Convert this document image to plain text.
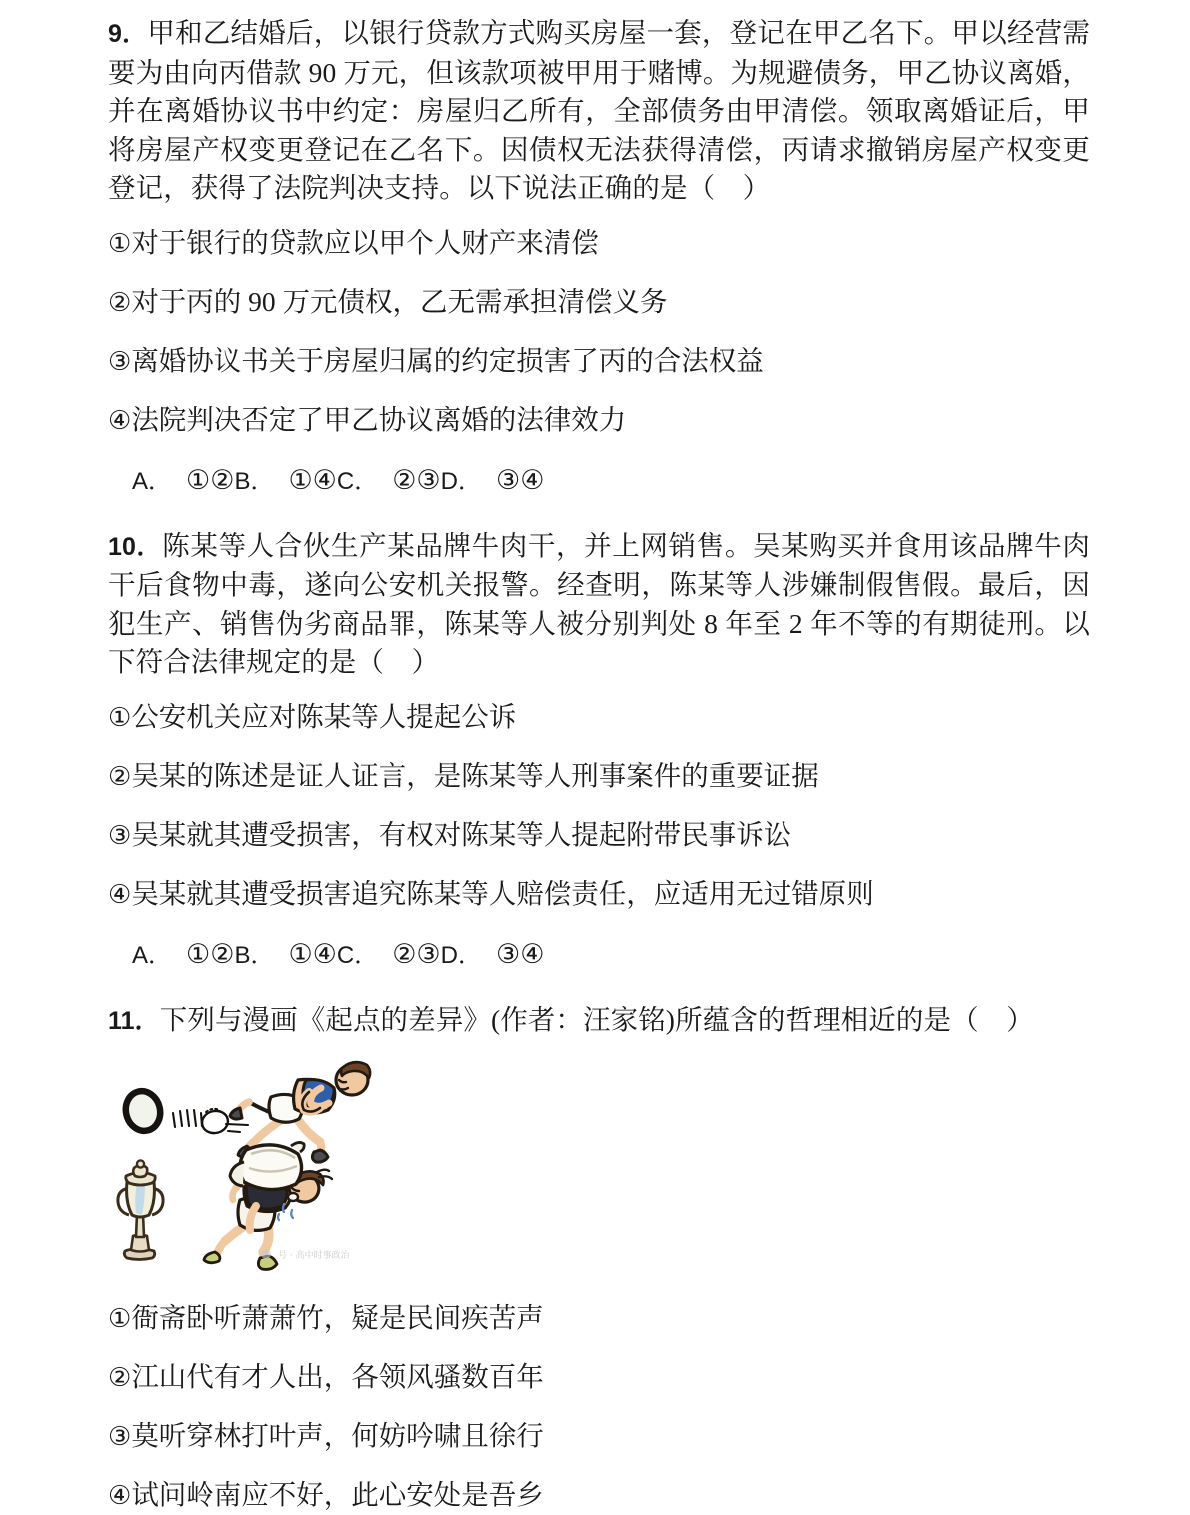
9．甲和乙结婚后，以银行贷款方式购买房屋一套，登记在甲乙名下。甲以经营需要为由向丙借款 90 万元，但该款项被甲用于赌博。为规避债务，甲乙协议离婚，并在离婚协议书中约定：房屋归乙所有，全部债务由甲清偿。领取离婚证后，甲将房屋产权变更登记在乙名下。因债权无法获得清偿，丙请求撤销房屋产权变更登记，获得了法院判决支持。以下说法正确的是（　）

①对于银行的贷款应以甲个人财产来清偿

②对于丙的 90 万元债权，乙无需承担清偿义务

③离婚协议书关于房屋归属的约定损害了丙的合法权益

④法院判决否定了甲乙协议离婚的法律效力

A． ①②B． ①④C． ②③D． ③④

10．陈某等人合伙生产某品牌牛肉干，并上网销售。吴某购买并食用该品牌牛肉干后食物中毒，遂向公安机关报警。经查明，陈某等人涉嫌制假售假。最后，因犯生产、销售伪劣商品罪，陈某等人被分别判处 8 年至 2 年不等的有期徒刑。以下符合法律规定的是（　）

①公安机关应对陈某等人提起公诉

②吴某的陈述是证人证言，是陈某等人刑事案件的重要证据

③吴某就其遭受损害，有权对陈某等人提起附带民事诉讼

④吴某就其遭受损害追究陈某等人赔偿责任，应适用无过错原则

A． ①②B． ①④C． ②③D． ③④

11．下列与漫画《起点的差异》(作者：汪家铭)所蕴含的哲理相近的是（　）

号 · 高中时事政治

①衙斋卧听萧萧竹，疑是民间疾苦声

②江山代有才人出，各领风骚数百年

③莫听穿林打叶声，何妨吟啸且徐行

④试问岭南应不好，此心安处是吾乡
